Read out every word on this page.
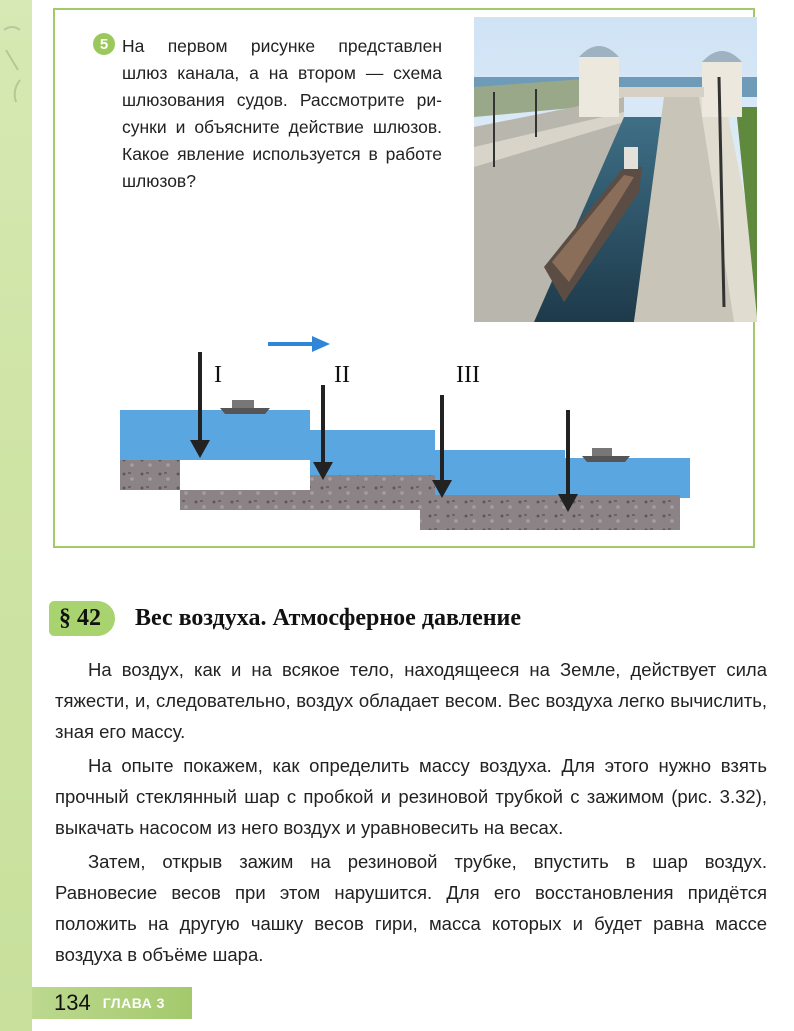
5 На первом рисунке представлен

шлюз канала, а на втором — схема

шлюзования судов. Рассмотрите ри-

сунки и объясните действие шлюзов.

Какое явление используется в работе

шлюзов?

I	II	III
§ 42	Вес воздуха. Атмосферное давление

На воздух, как и на всякое тело, находящееся на Земле, действует сила тяжести, и, следовательно, воздух обладает весом. Вес воздуха легко вычислить, зная его массу.

На опыте покажем, как определить массу воздуха. Для этого нужно взять прочный стеклянный шар с пробкой и резиновой трубкой с зажимом (рис. 3.32), выкачать насосом из него воздух и уравновесить на весах.

Затем, открыв зажим на резиновой трубке, впустить в шар воздух. Равновесие весов при этом нарушится. Для его восстановления придётся положить на другую чашку весов гири, масса которых и будет равна массе воздуха в объёме шара.

134 ГЛАВА 3
